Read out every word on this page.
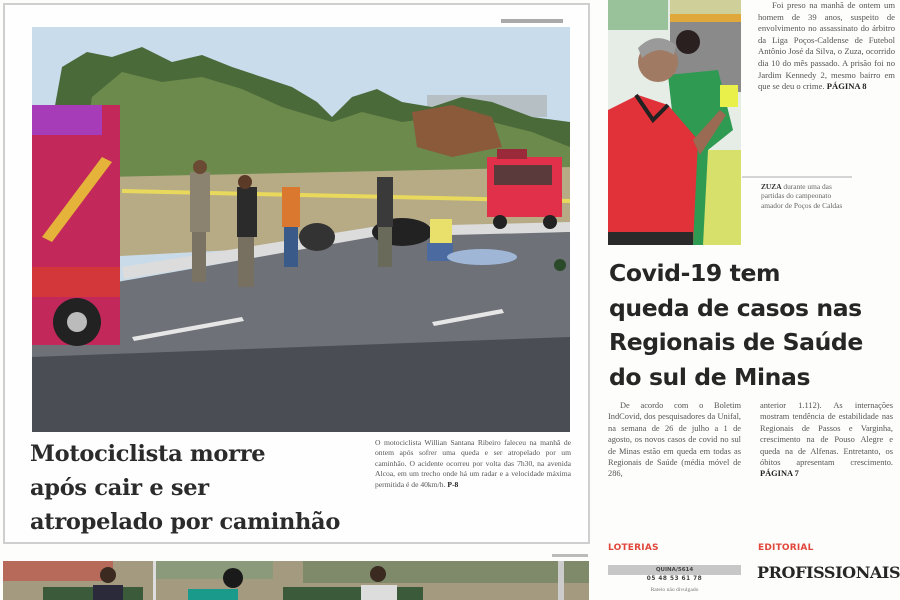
Motociclista morre
após cair e ser
atropelado por caminhão
O motociclista Willian Santana Ribeiro faleceu na manhã de ontem após sofrer uma queda e ser atropelado por um caminhão. O acidente ocorreu por volta das 7h30, na avenida Alcoa, em um trecho onde há um radar e a velocidade máxima permitida é de 40km/h. P-8
Foi preso na manhã de ontem um homem de 39 anos, suspeito de envolvimento no assassinato do árbitro da Liga Poços-Caldense de Futebol Antônio José da Silva, o Zuza, ocorrido dia 10 do mês passado. A prisão foi no Jardim Kennedy 2, mesmo bairro em que se deu o crime. PÁGINA 8
ZUZA durante uma das partidas do campeonato amador de Poços de Caldas
Covid-19 tem
queda de casos nas
Regionais de Saúde
do sul de Minas
De acordo com o Boletim IndCovid, dos pesquisadores da Unifal, na semana de 26 de julho a 1 de agosto, os novos casos de covid no sul de Minas estão em queda em todas as Regionais de Saúde (média móvel de 286,
anterior 1.112). As internações mostram tendência de estabilidade nas Regionais de Passos e Varginha, crescimento na de Pouso Alegre e queda na de Alfenas. Entretanto, os óbitos apresentam crescimento. PÁGINA 7
LOTERIAS
QUINA/5614
05 48 53 61 78
Rateio não divulgado
EDITORIAL
PROFISSIONAIS
